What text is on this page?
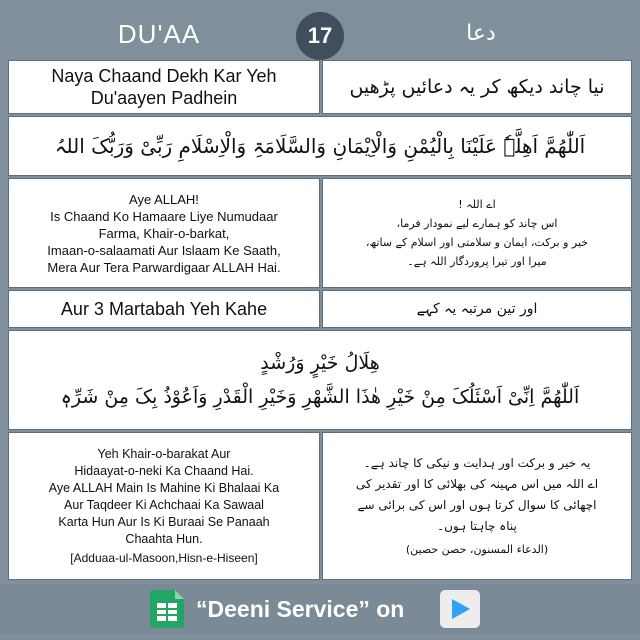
DU'AA	دعا
17
Naya Chaand Dekh Kar Yeh
Du'aayen Padhein	نیا چاند دیکھ کر یہ دعائیں پڑھیں
اَللّٰھُمَّ اَھِلَّہٗ عَلَیْنَا بِالْیُمْنِ وَالْاِیْمَانِ وَالسَّلَامَۃِ وَالْاِسْلَامِ رَبِّیْ وَرَبُّکَ اللہُ
Aye ALLAH!
Is Chaand Ko Hamaare Liye Numudaar
Farma, Khair-o-barkat,
Imaan-o-salaamati Aur Islaam Ke Saath,
Mera Aur Tera Parwardigaar ALLAH Hai.
اے اللہ !
اس چاند کو ہمارے لیے نمودار فرما،
خیر و برکت، ایمان و سلامتی اور اسلام کے ساتھ،
میرا اور تیرا پروردگار اللہ ہے۔
Aur 3 Martabah Yeh Kahe	اور تین مرتبہ یہ کہے
ھِلَالُ خَیْرٍ وَرُشْدٍ
اَللّٰھُمَّ اِنِّیْ اَسْئَلُکَ مِنْ خَیْرِ ھٰذَا الشَّھْرِ وَخَیْرِ الْقَدْرِ وَاَعُوْذُ بِکَ مِنْ شَرِّہٖ
Yeh Khair-o-barakat Aur
Hidaayat-o-neki Ka Chaand Hai.
Aye ALLAH Main Is Mahine Ki Bhalaai Ka
Aur Taqdeer Ki Achchaai Ka Sawaal
Karta Hun Aur Is Ki Buraai Se Panaah
Chaahta Hun.
[Adduaa-ul-Masoon,Hisn-e-Hiseen]
یہ خیر و برکت اور ہدایت و نیکی کا چاند ہے۔
اے اللہ میں اس مہینہ کی بھلائی کا اور تقدیر کی
اچھائی کا سوال کرتا ہوں اور اس کی برائی سے
پناہ چاہتا ہوں۔
(الدعاء المسنون، حصن حصین)
“Deeni Service” on
